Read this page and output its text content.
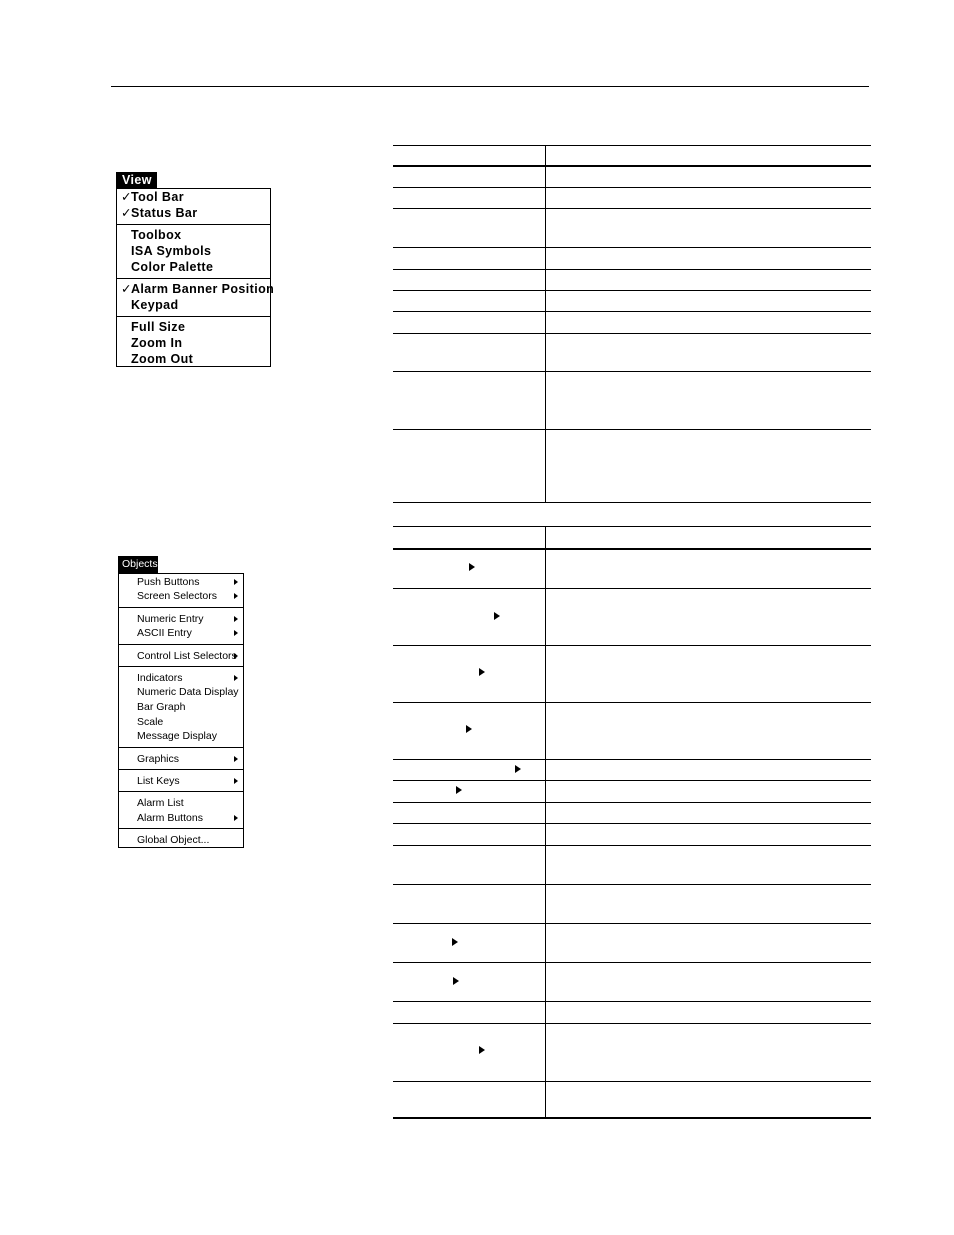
View
✓ Tool Bar
✓ Status Bar
Toolbox
ISA Symbols
Color Palette
✓ Alarm Banner Position
Keypad
Full Size
Zoom In
Zoom Out
Objects
Push Buttons
Screen Selectors
Numeric Entry
ASCII Entry
Control List Selectors
Indicators
Numeric Data Display
Bar Graph
Scale
Message Display
Graphics
List Keys
Alarm List
Alarm Buttons
Global Object...
